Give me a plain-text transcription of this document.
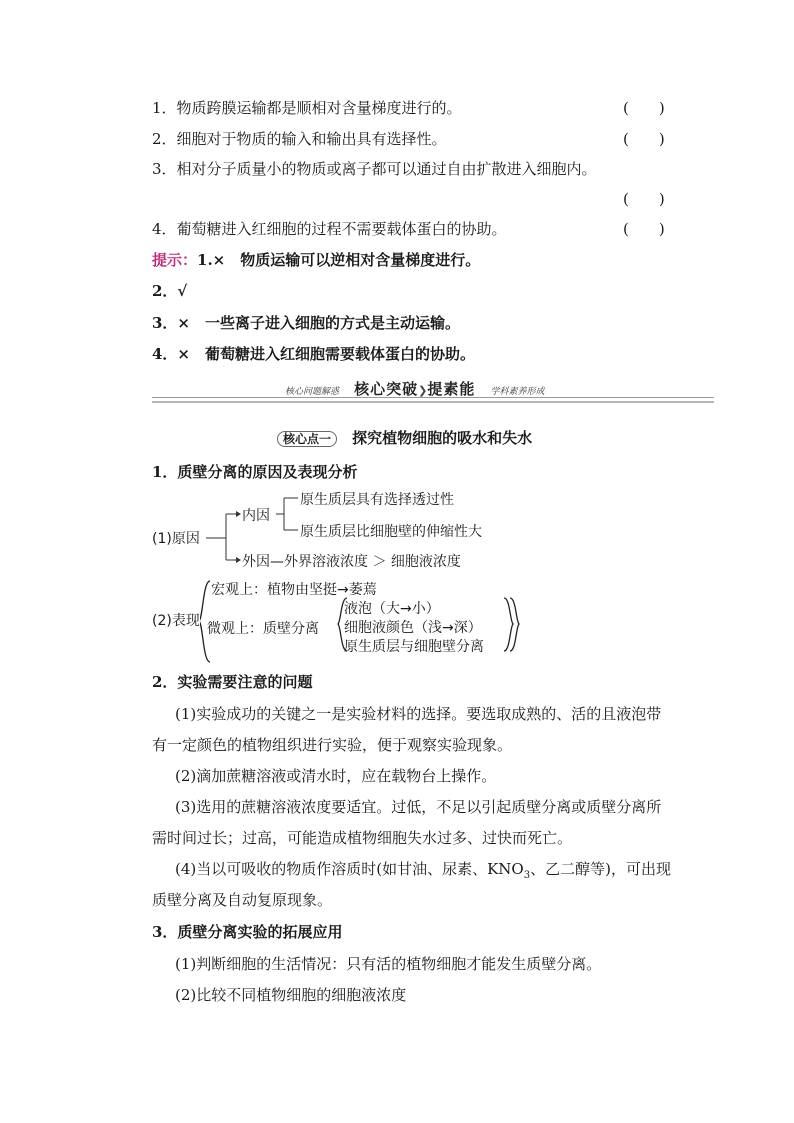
1．物质跨膜运输都是顺相对含量梯度进行的。	(　　)
2．细胞对于物质的输入和输出具有选择性。	(　　)
3．相对分子质量小的物质或离子都可以通过自由扩散进入细胞内。
(　　)
4．葡萄糖进入红细胞的过程不需要载体蛋白的协助。	(　　)
提示：1.×　物质运输可以逆相对含量梯度进行。
2．√
3．×　一些离子进入细胞的方式是主动运输。
4．×　葡萄糖进入红细胞需要载体蛋白的协助。
核心问题解惑 核心突破❯提素能 学科素养形成
核心点一 探究植物细胞的吸水和失水
1．质壁分离的原因及表现分析
(1)原因
内因
原生质层具有选择透过性
原生质层比细胞壁的伸缩性大
外因—外界溶液浓度 ＞ 细胞液浓度
(2)表现
宏观上：植物由坚挺→萎蔫
微观上：质壁分离
液泡（大→小）
细胞液颜色（浅→深）
原生质层与细胞壁分离
2．实验需要注意的问题
(1)实验成功的关键之一是实验材料的选择。要选取成熟的、活的且液泡带
有一定颜色的植物组织进行实验，便于观察实验现象。
(2)滴加蔗糖溶液或清水时，应在载物台上操作。
(3)选用的蔗糖溶液浓度要适宜。过低，不足以引起质壁分离或质壁分离所
需时间过长；过高，可能造成植物细胞失水过多、过快而死亡。
(4)当以可吸收的物质作溶质时(如甘油、尿素、$KNO_3$、乙二醇等)，可出现
质壁分离及自动复原现象。
3．质壁分离实验的拓展应用
(1)判断细胞的生活情况：只有活的植物细胞才能发生质壁分离。
(2)比较不同植物细胞的细胞液浓度
